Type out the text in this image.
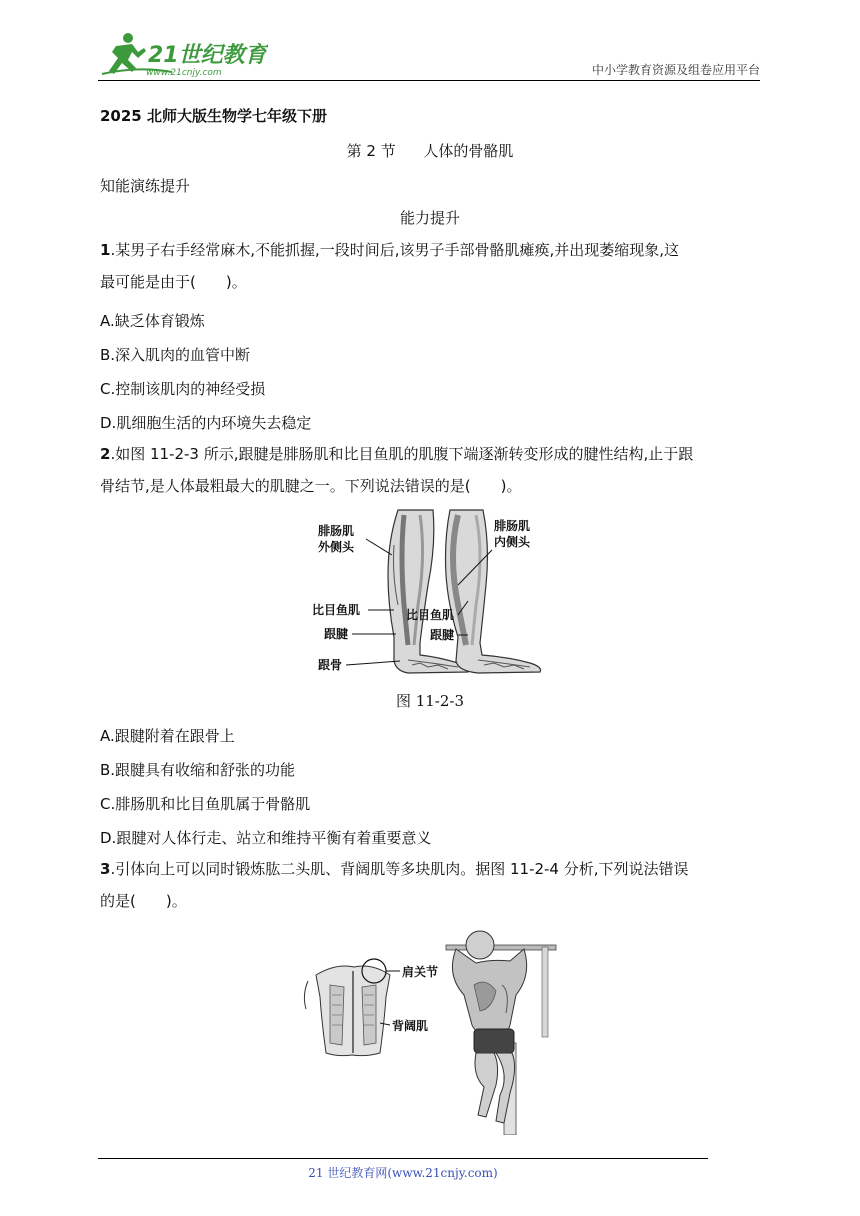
21世纪教育
www.21cnjy.com	中小学教育资源及组卷应用平台
2025 北师大版生物学七年级下册
第 2 节 人体的骨骼肌
知能演练提升
能力提升
1.某男子右手经常麻木,不能抓握,一段时间后,该男子手部骨骼肌瘫痪,并出现萎缩现象,这
最可能是由于(　　)。
A.缺乏体育锻炼
B.深入肌肉的血管中断
C.控制该肌肉的神经受损
D.肌细胞生活的内环境失去稳定
2.如图 11-2-3 所示,跟腱是腓肠肌和比目鱼肌的肌腹下端逐渐转变形成的腱性结构,止于跟
骨结节,是人体最粗最大的肌腱之一。下列说法错误的是(　　)。
腓肠肌
外侧头
比目鱼肌
跟腱
跟骨
腓肠肌
内侧头
比目鱼肌
跟腱
图 11-2-3
A.跟腱附着在跟骨上
B.跟腱具有收缩和舒张的功能
C.腓肠肌和比目鱼肌属于骨骼肌
D.跟腱对人体行走、站立和维持平衡有着重要意义
3.引体向上可以同时锻炼肱二头肌、背阔肌等多块肌肉。据图 11-2-4 分析,下列说法错误
的是(　　)。
肩关节
背阔肌
21 世纪教育网(www.21cnjy.com)
